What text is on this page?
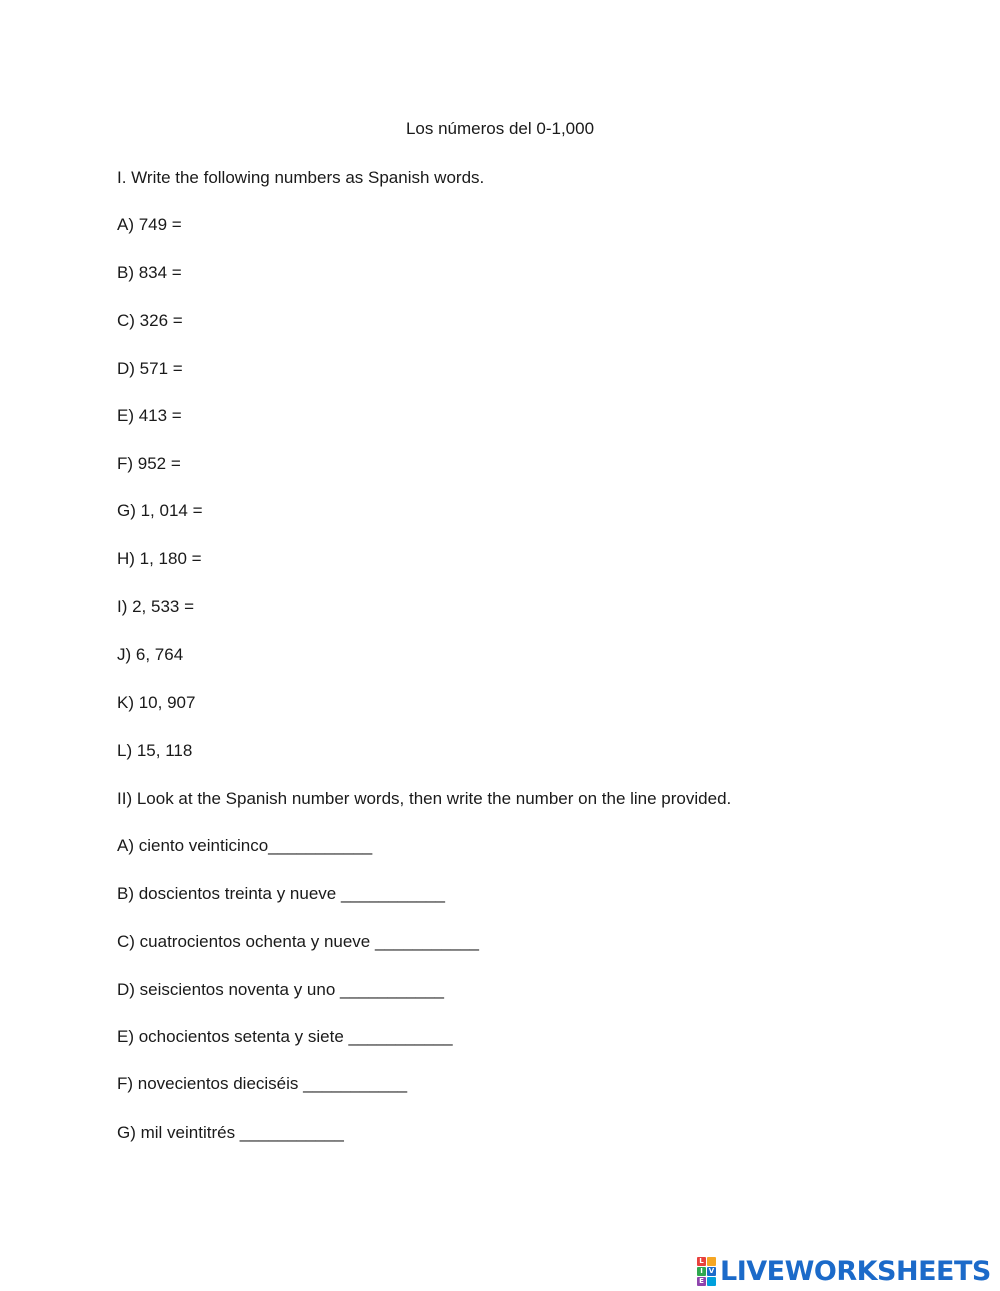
Los números del 0-1,000
I. Write the following numbers as Spanish words.
A) 749 =
B) 834 =
C) 326 =
D) 571 =
E) 413 =
F) 952 =
G) 1, 014 =
H) 1, 180 =
I) 2, 533 =
J) 6, 764
K) 10, 907
L) 15, 118
II) Look at the Spanish number words, then write the number on the line provided.
A) ciento veinticinco___________
B) doscientos treinta y nueve ___________
C) cuatrocientos ochenta y nueve ___________
D) seiscientos noventa y uno ___________
E) ochocientos setenta y siete ___________
F) novecientos dieciséis ___________
G) mil veintitrés ___________
L
I V
E LIVEWORKSHEETS
